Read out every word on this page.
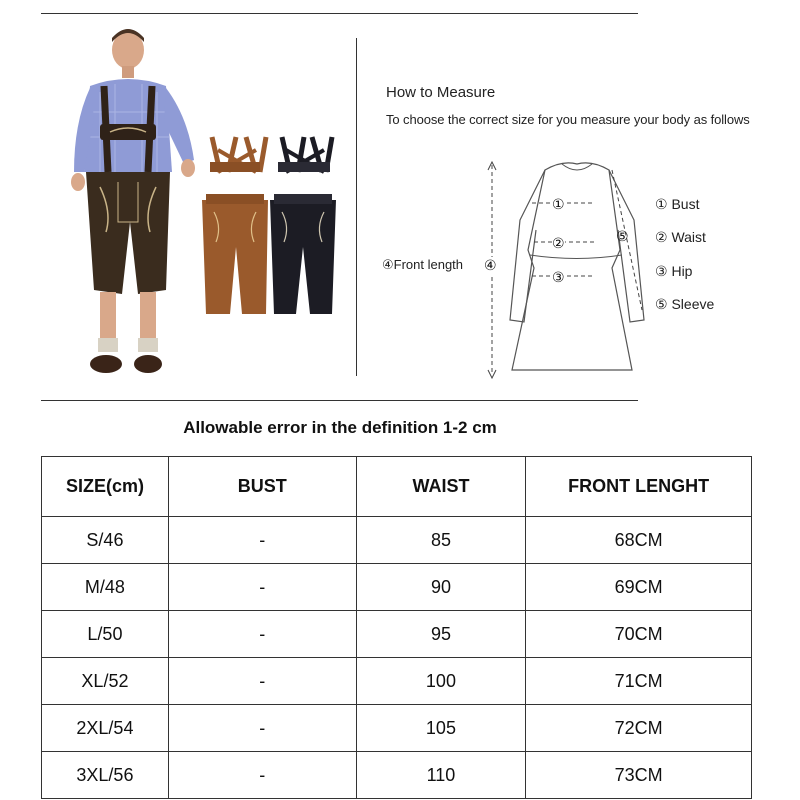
How to Measure
To choose the correct size for you measure your body as follows
①
②
③
⑤
④
④Front length
① Bust
② Waist
③ Hip
⑤ Sleeve
Allowable error in the definition 1-2 cm
SIZE(cm)	BUST	WAIST	FRONT LENGHT
S/46	-	85	68CM
M/48	-	90	69CM
L/50	-	95	70CM
XL/52	-	100	71CM
2XL/54	-	105	72CM
3XL/56	-	110	73CM
